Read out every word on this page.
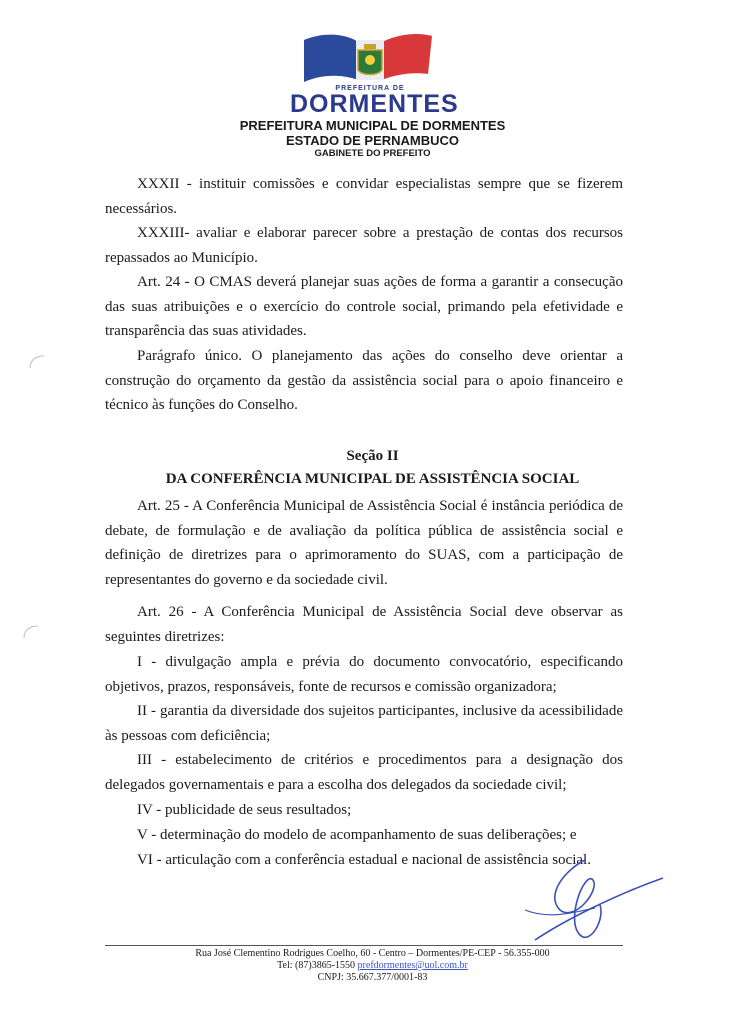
PREFEITURA DE
DORMENTES
PREFEITURA MUNICIPAL DE DORMENTES
ESTADO DE PERNAMBUCO
GABINETE DO PREFEITO

XXXII - instituir comissões e convidar especialistas sempre que se fizerem necessários.

XXXIII- avaliar e elaborar parecer sobre a prestação de contas dos recursos repassados ao Município.

Art. 24 - O CMAS deverá planejar suas ações de forma a garantir a consecução das suas atribuições e o exercício do controle social, primando pela efetividade e transparência das suas atividades.

Parágrafo único. O planejamento das ações do conselho deve orientar a construção do orçamento da gestão da assistência social para o apoio financeiro e técnico às funções do Conselho.

Seção II
DA CONFERÊNCIA MUNICIPAL DE ASSISTÊNCIA SOCIAL

Art. 25 - A Conferência Municipal de Assistência Social é instância periódica de debate, de formulação e de avaliação da política pública de assistência social e definição de diretrizes para o aprimoramento do SUAS, com a participação de representantes do governo e da sociedade civil.

Art. 26 - A Conferência Municipal de Assistência Social deve observar as seguintes diretrizes:

I - divulgação ampla e prévia do documento convocatório, especificando objetivos, prazos, responsáveis, fonte de recursos e comissão organizadora;

II - garantia da diversidade dos sujeitos participantes, inclusive da acessibilidade às pessoas com deficiência;

III - estabelecimento de critérios e procedimentos para a designação dos delegados governamentais e para a escolha dos delegados da sociedade civil;

IV - publicidade de seus resultados;

V - determinação do modelo de acompanhamento de suas deliberações; e

VI - articulação com a conferência estadual e nacional de assistência social.

Rua José Clementino Rodrigues Coelho, 60 - Centro – Dormentes/PE-CEP - 56.355-000
Tel: (87)3865-1550 prefdormentes@uol.com.br
CNPJ: 35.667.377/0001-83
